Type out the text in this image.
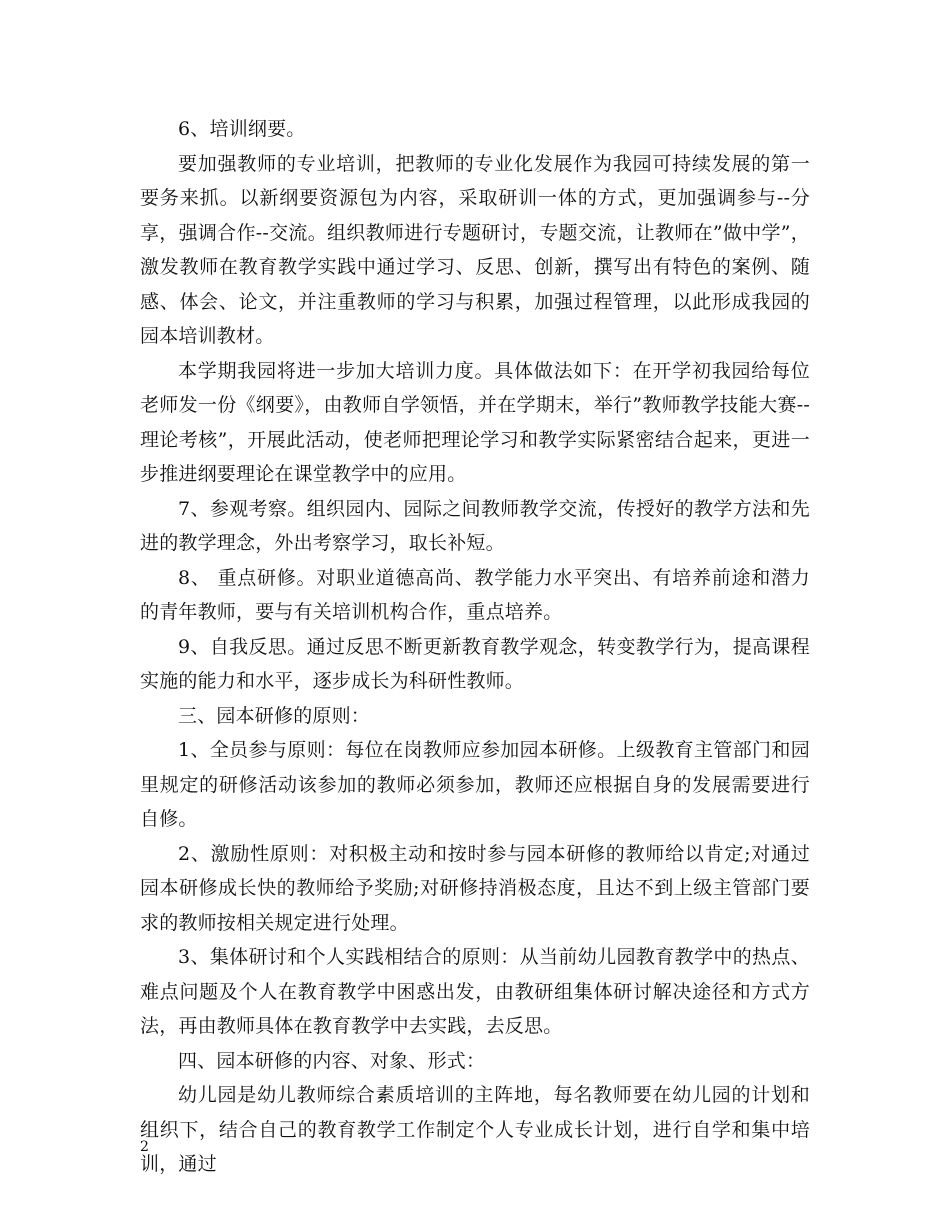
6、培训纲要。

要加强教师的专业培训，把教师的专业化发展作为我园可持续发展的第一要务来抓。以新纲要资源包为内容，采取研训一体的方式，更加强调参与--分享，强调合作--交流。组织教师进行专题研讨，专题交流，让教师在”做中学”，激发教师在教育教学实践中通过学习、反思、创新，撰写出有特色的案例、随感、体会、论文，并注重教师的学习与积累，加强过程管理，以此形成我园的园本培训教材。

本学期我园将进一步加大培训力度。具体做法如下：在开学初我园给每位老师发一份《纲要》，由教师自学领悟，并在学期末，举行”教师教学技能大赛--理论考核”，开展此活动，使老师把理论学习和教学实际紧密结合起来，更进一步推进纲要理论在课堂教学中的应用。

7、参观考察。组织园内、园际之间教师教学交流，传授好的教学方法和先进的教学理念，外出考察学习，取长补短。

8、 重点研修。对职业道德高尚、教学能力水平突出、有培养前途和潜力的青年教师，要与有关培训机构合作，重点培养。

9、自我反思。通过反思不断更新教育教学观念，转变教学行为，提高课程实施的能力和水平，逐步成长为科研性教师。

三、园本研修的原则：

1、全员参与原则：每位在岗教师应参加园本研修。上级教育主管部门和园里规定的研修活动该参加的教师必须参加，教师还应根据自身的发展需要进行自修。

2、激励性原则：对积极主动和按时参与园本研修的教师给以肯定;对通过园本研修成长快的教师给予奖励;对研修持消极态度，且达不到上级主管部门要求的教师按相关规定进行处理。

3、集体研讨和个人实践相结合的原则：从当前幼儿园教育教学中的热点、难点问题及个人在教育教学中困惑出发，由教研组集体研讨解决途径和方式方法，再由教师具体在教育教学中去实践，去反思。

四、园本研修的内容、对象、形式：

幼儿园是幼儿教师综合素质培训的主阵地，每名教师要在幼儿园的计划和组织下，结合自己的教育教学工作制定个人专业成长计划，进行自学和集中培训，通过

2
